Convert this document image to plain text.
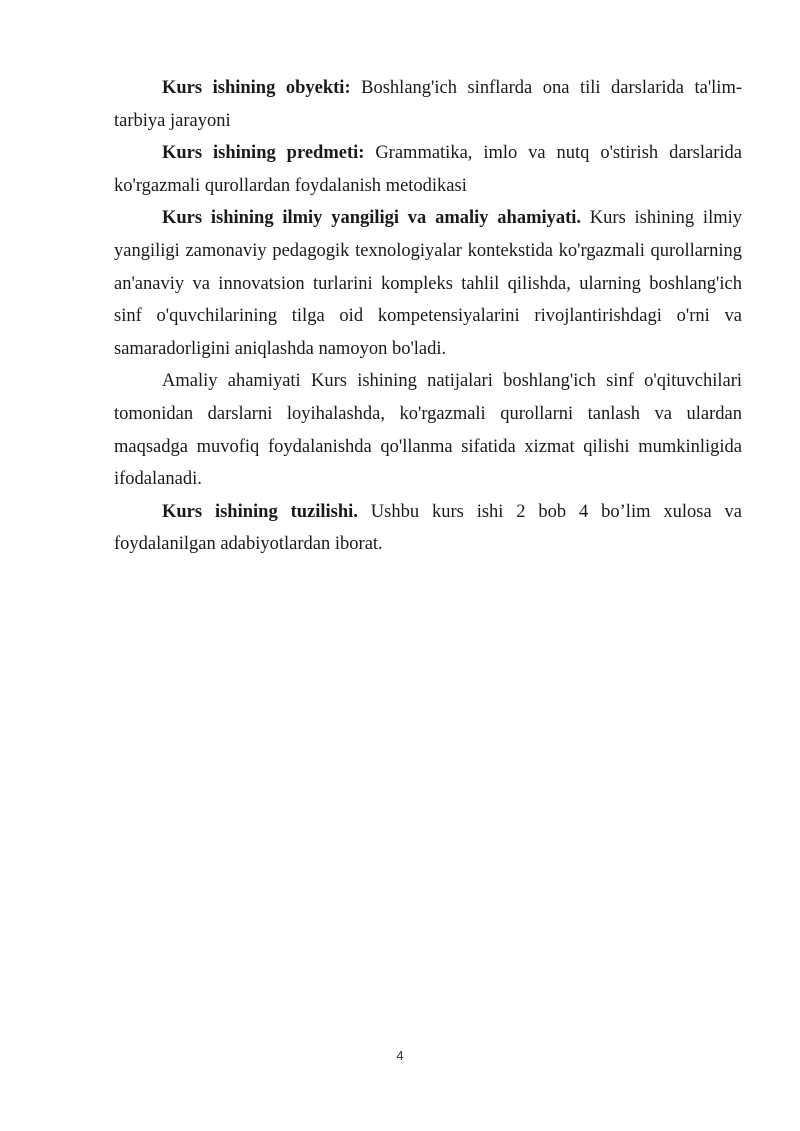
Kurs ishining obyekti: Boshlang'ich sinflarda ona tili darslarida ta'lim-tarbiya jarayoni

Kurs ishining predmeti: Grammatika, imlo va nutq o'stirish darslarida ko'rgazmali qurollardan foydalanish metodikasi

Kurs ishining ilmiy yangiligi va amaliy ahamiyati. Kurs ishining ilmiy yangiligi zamonaviy pedagogik texnologiyalar kontekstida ko'rgazmali qurollarning an'anaviy va innovatsion turlarini kompleks tahlil qilishda, ularning boshlang'ich sinf o'quvchilarining tilga oid kompetensiyalarini rivojlantirishdagi o'rni va samaradorligini aniqlashda namoyon bo'ladi.

Amaliy ahamiyati Kurs ishining natijalari boshlang'ich sinf o'qituvchilari tomonidan darslarni loyihalashda, ko'rgazmali qurollarni tanlash va ulardan maqsadga muvofiq foydalanishda qo'llanma sifatida xizmat qilishi mumkinligida ifodalanadi.

Kurs ishining tuzilishi. Ushbu kurs ishi 2 bob 4 bo’lim xulosa va foydalanilgan adabiyotlardan iborat.

4
